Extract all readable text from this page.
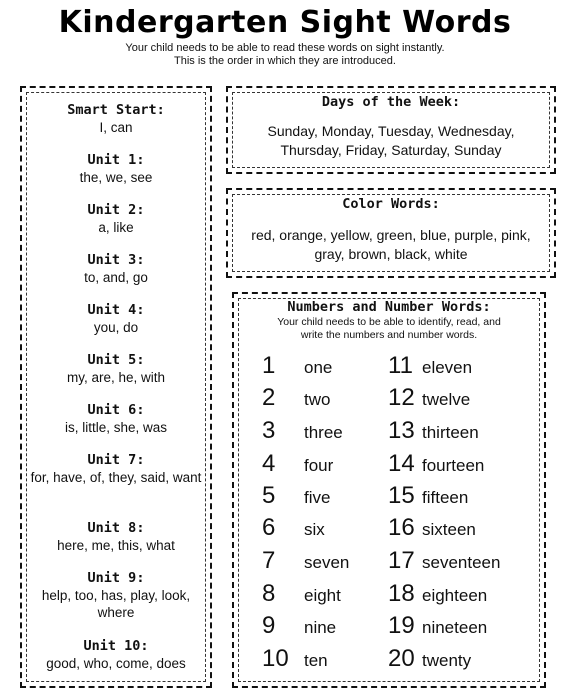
Kindergarten Sight Words
Your child needs to be able to read these words on sight instantly.
This is the order in which they are introduced.
Smart Start:
I, can
Unit 1:
the, we, see
Unit 2:
a, like
Unit 3:
to, and, go
Unit 4:
you, do
Unit 5:
my, are, he, with
Unit 6:
is, little, she, was
Unit 7:
for, have, of, they, said, want
Unit 8:
here, me, this, what
Unit 9:
help, too, has, play, look, where
Unit 10:
good, who, come, does
Days of the Week:
Sunday, Monday, Tuesday, Wednesday,
Thursday, Friday, Saturday, Sunday
Color Words:
red, orange, yellow, green, blue, purple, pink,
gray, brown, black, white
Numbers and Number Words:
Your child needs to be able to identify, read, and
write the numbers and number words.
1 one
2 two
3 three
4 four
5 five
6 six
7 seven
8 eight
9 nine
10 ten
11 eleven
12 twelve
13 thirteen
14 fourteen
15 fifteen
16 sixteen
17 seventeen
18 eighteen
19 nineteen
20 twenty
